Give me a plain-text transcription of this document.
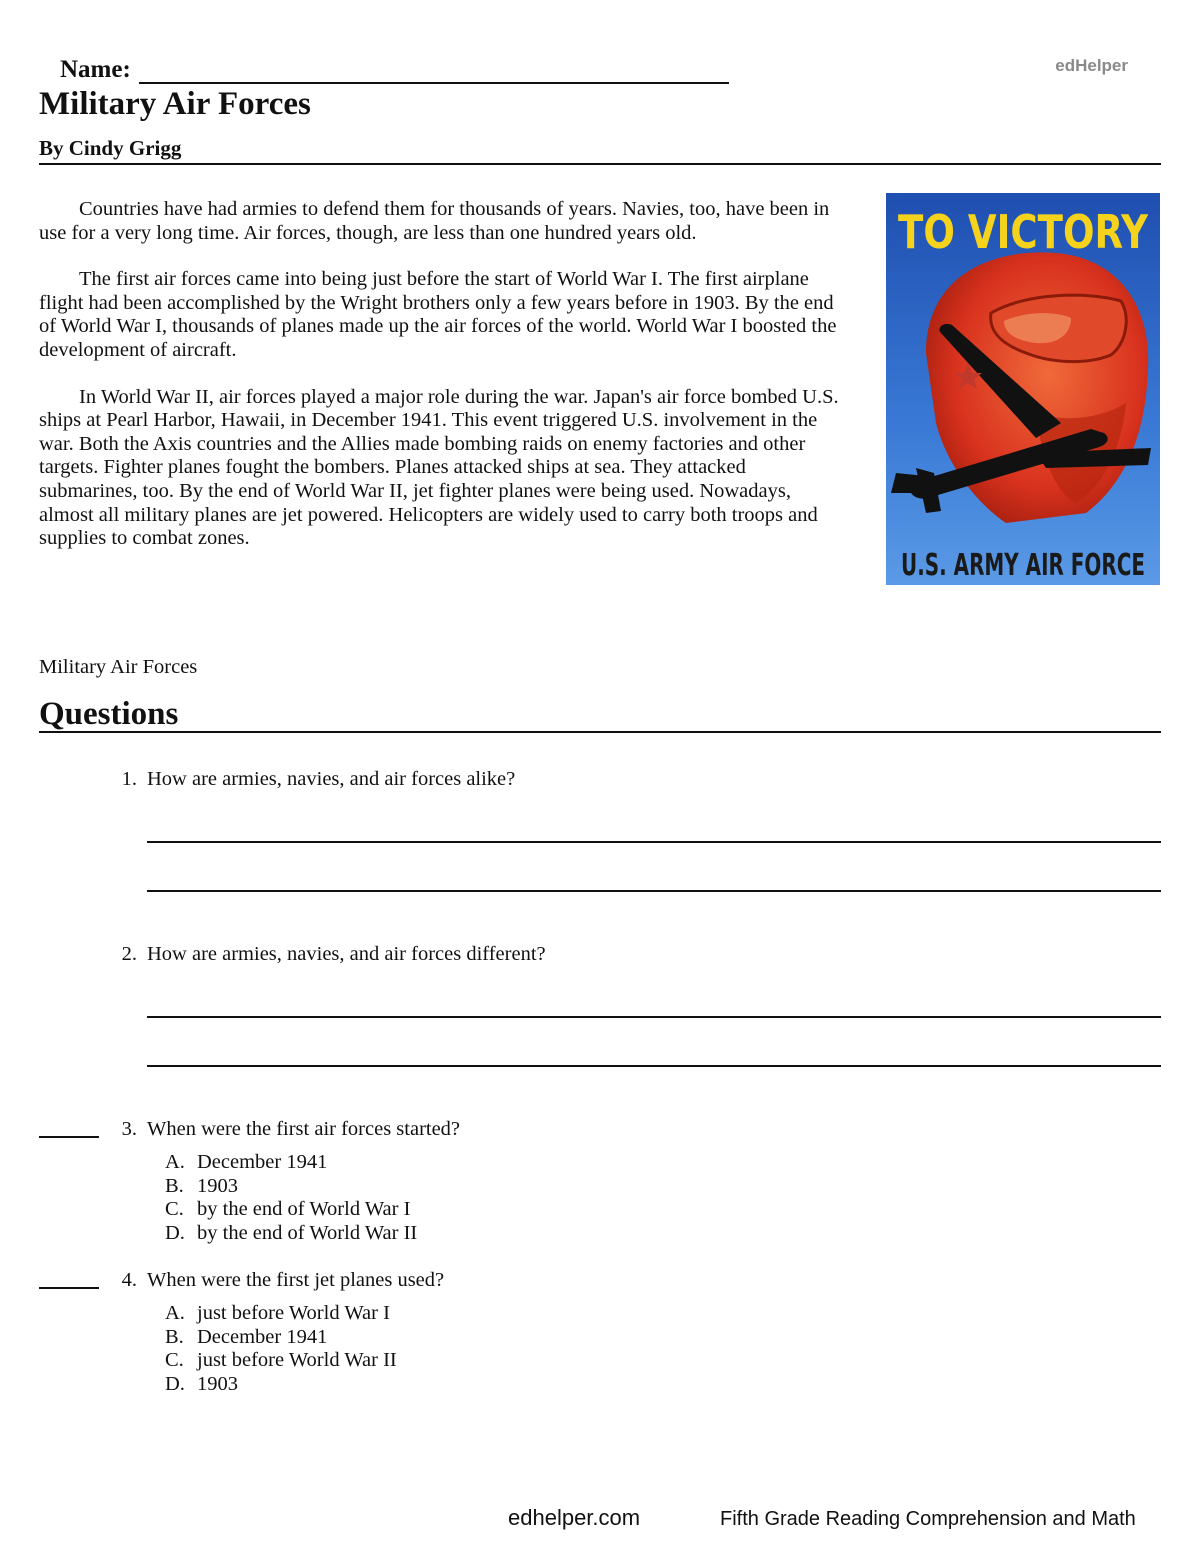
Name:	edHelper
Military Air Forces
By Cindy Grigg

Countries have had armies to defend them for thousands of years. Navies, too, have been in use for a very long time. Air forces, though, are less than one hundred years old.

The first air forces came into being just before the start of World War I. The first airplane flight had been accomplished by the Wright brothers only a few years before in 1903. By the end of World War I, thousands of planes made up the air forces of the world. World War I boosted the development of aircraft.

In World War II, air forces played a major role during the war. Japan's air force bombed U.S. ships at Pearl Harbor, Hawaii, in December 1941. This event triggered U.S. involvement in the war. Both the Axis countries and the Allies made bombing raids on enemy factories and other targets. Fighter planes fought the bombers. Planes attacked ships at sea. They attacked submarines, too. By the end of World War II, jet fighter planes were being used. Nowadays, almost all military planes are jet powered. Helicopters are widely used to carry both troops and supplies to combat zones.

TO VICTORY
U.S. ARMY AIR FORCE
Military Air Forces
Questions
1. How are armies, navies, and air forces alike?
2. How are armies, navies, and air forces different?
3. When were the first air forces started?
A. December 1941
B. 1903
C. by the end of World War I
D. by the end of World War II
4. When were the first jet planes used?
A. just before World War I
B. December 1941
C. just before World War II
D. 1903
edhelper.com	Fifth Grade Reading Comprehension and Math
